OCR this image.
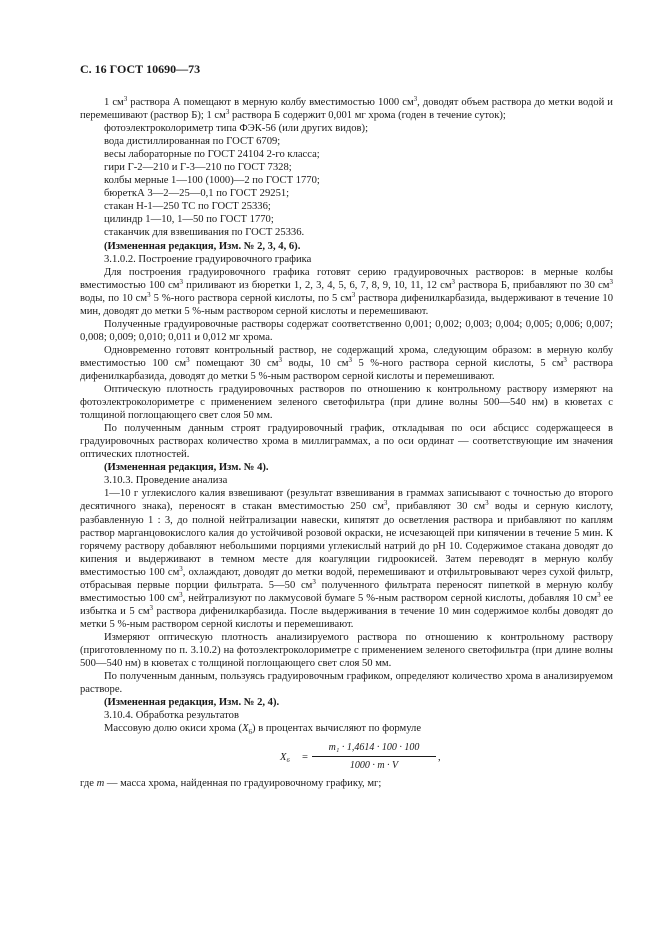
С. 16 ГОСТ 10690—73

1 $см^3$ раствора А помещают в мерную колбу вместимостью 1000 $см^3$, доводят объем раствора до метки водой и перемешивают (раствор Б); 1 $см^3$ раствора Б содержит 0,001 мг хрома (годен в течение суток);

фотоэлектроколориметр типа ФЭК-56 (или других видов);

вода дистиллированная по ГОСТ 6709;

весы лабораторные по ГОСТ 24104 2-го класса;

гири Г-2—210 и Г-3—210 по ГОСТ 7328;

колбы мерные 1—100 (1000)—2 по ГОСТ 1770;

бюреткА 3—2—25—0,1 по ГОСТ 29251;

стакан Н-1—250 ТС по ГОСТ 25336;

цилиндр 1—10, 1—50 по ГОСТ 1770;

стаканчик для взвешивания по ГОСТ 25336.

(Измененная редакция, Изм. № 2, 3, 4, 6).

3.1.0.2. Построение градуировочного графика

Для построения градуировочного графика готовят серию градуировочных растворов: в мерные колбы вместимостью 100 $см^3$ приливают из бюретки 1, 2, 3, 4, 5, 6, 7, 8, 9, 10, 11, 12 $см^3$ раствора Б, прибавляют по 30 $см^3$ воды, по 10 $см^3$ 5 %-ного раствора серной кислоты, по 5 $см^3$ раствора дифенилкарбазида, выдерживают в течение 10 мин, доводят до метки 5 %-ным раствором серной кислоты и перемешивают.

Полученные градуировочные растворы содержат соответственно 0,001; 0,002; 0,003; 0,004; 0,005; 0,006; 0,007; 0,008; 0,009; 0,010; 0,011 и 0,012 мг хрома.

Одновременно готовят контрольный раствор, не содержащий хрома, следующим образом: в мерную колбу вместимостью 100 $см^3$ помещают 30 $см^3$ воды, 10 $см^3$ 5 %-ного раствора серной кислоты, 5 $см^3$ раствора дифенилкарбазида, доводят до метки 5 %-ным раствором серной кислоты и перемешивают.

Оптическую плотность градуировочных растворов по отношению к контрольному раствору измеряют на фотоэлектроколориметре с применением зеленого светофильтра (при длине волны 500—540 нм) в кюветах с толщиной поглощающего свет слоя 50 мм.

По полученным данным строят градуировочный график, откладывая по оси абсцисс содержащееся в градуировочных растворах количество хрома в миллиграммах, а по оси ординат — соответствующие им значения оптических плотностей.

(Измененная редакция, Изм. № 4).

3.10.3. Проведение анализа

1—10 г углекислого калия взвешивают (результат взвешивания в граммах записывают с точностью до второго десятичного знака), переносят в стакан вместимостью 250 $см^3$, прибавляют 30 $см^3$ воды и серную кислоту, разбавленную 1 : 3, до полной нейтрализации навески, кипятят до осветления раствора и прибавляют по каплям раствор марганцовокислого калия до устойчивой розовой окраски, не исчезающей при кипячении в течение 5 мин. К горячему раствору добавляют небольшими порциями углекислый натрий до pH 10. Содержимое стакана доводят до кипения и выдерживают в темном месте для коагуляции гидроокисей. Затем переводят в мерную колбу вместимостью 100 $см^3$, охлаждают, доводят до метки водой, перемешивают и отфильтровывают через сухой фильтр, отбрасывая первые порции фильтрата. 5—50 $см^3$ полученного фильтрата переносят пипеткой в мерную колбу вместимостью 100 $см^3$, нейтрализуют по лакмусовой бумаге 5 %-ным раствором серной кислоты, добавляя 10 $см^3$ ее избытка и 5 $см^3$ раствора дифенилкарбазида. После выдерживания в течение 10 мин содержимое колбы доводят до метки 5 %-ным раствором серной кислоты и перемешивают.

Измеряют оптическую плотность анализируемого раствора по отношению к контрольному раствору (приготовленному по п. 3.10.2) на фотоэлектроколориметре с применением зеленого светофильтра (при длине волны 500—540 нм) в кюветах с толщиной поглощающего свет слоя 50 мм.

По полученным данным, пользуясь градуировочным графиком, определяют количество хрома в анализируемом растворе.

(Измененная редакция, Изм. № 2, 4).

3.10.4. Обработка результатов

Массовую долю окиси хрома $(X_6)$ в процентах вычисляют по формуле

X₆ =
m₁ · 1,4614 · 100 · 100
1000 · m · V
,

где m — масса хрома, найденная по градуировочному графику, мг;
